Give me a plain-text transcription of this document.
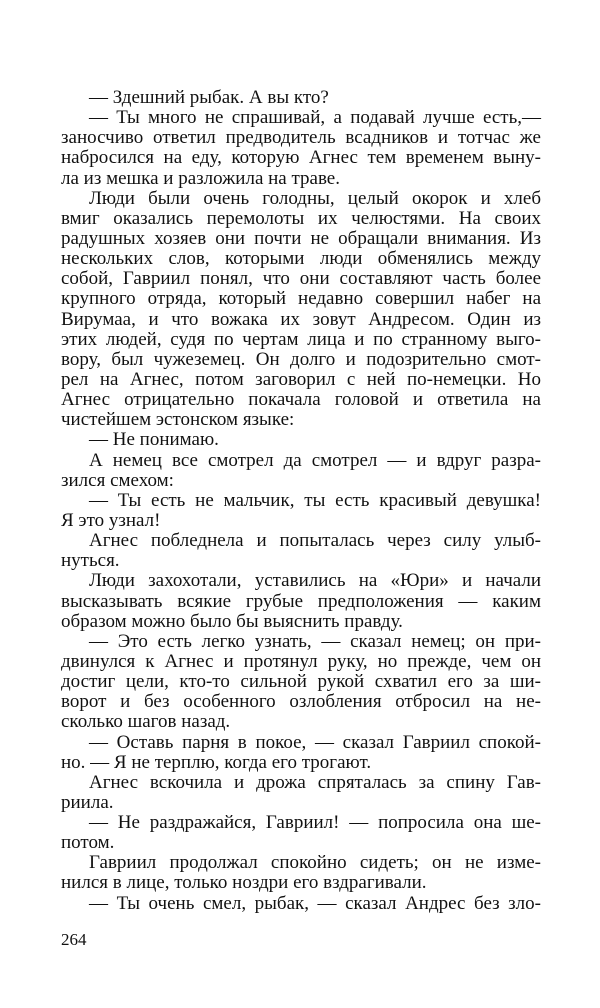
— Здешний рыбак. А вы кто?
— Ты много не спрашивай, а подавай лучше есть,—
заносчиво ответил предводитель всадников и тотчас же
набросился на еду, которую Агнес тем временем выну-
ла из мешка и разложила на траве.
Люди были очень голодны, целый окорок и хлеб
вмиг оказались перемолоты их челюстями. На своих
радушных хозяев они почти не обращали внимания. Из
нескольких слов, которыми люди обменялись между
собой, Гавриил понял, что они составляют часть более
крупного отряда, который недавно совершил набег на
Вирумаа, и что вожака их зовут Андресом. Один из
этих людей, судя по чертам лица и по странному выго-
вору, был чужеземец. Он долго и подозрительно смот-
рел на Агнес, потом заговорил с ней по-немецки. Но
Агнес отрицательно покачала головой и ответила на
чистейшем эстонском языке:
— Не понимаю.
А немец все смотрел да смотрел — и вдруг разра-
зился смехом:
— Ты есть не мальчик, ты есть красивый девушка!
Я это узнал!
Агнес побледнела и попыталась через силу улыб-
нуться.
Люди захохотали, уставились на «Юри» и начали
высказывать всякие грубые предположения — каким
образом можно было бы выяснить правду.
— Это есть легко узнать, — сказал немец; он при-
двинулся к Агнес и протянул руку, но прежде, чем он
достиг цели, кто-то сильной рукой схватил его за ши-
ворот и без особенного озлобления отбросил на не-
сколько шагов назад.
— Оставь парня в покое, — сказал Гавриил спокой-
но. — Я не терплю, когда его трогают.
Агнес вскочила и дрожа спряталась за спину Гав-
риила.
— Не раздражайся, Гавриил! — попросила она ше-
потом.
Гавриил продолжал спокойно сидеть; он не изме-
нился в лице, только ноздри его вздрагивали.
— Ты очень смел, рыбак, — сказал Андрес без зло-
264
